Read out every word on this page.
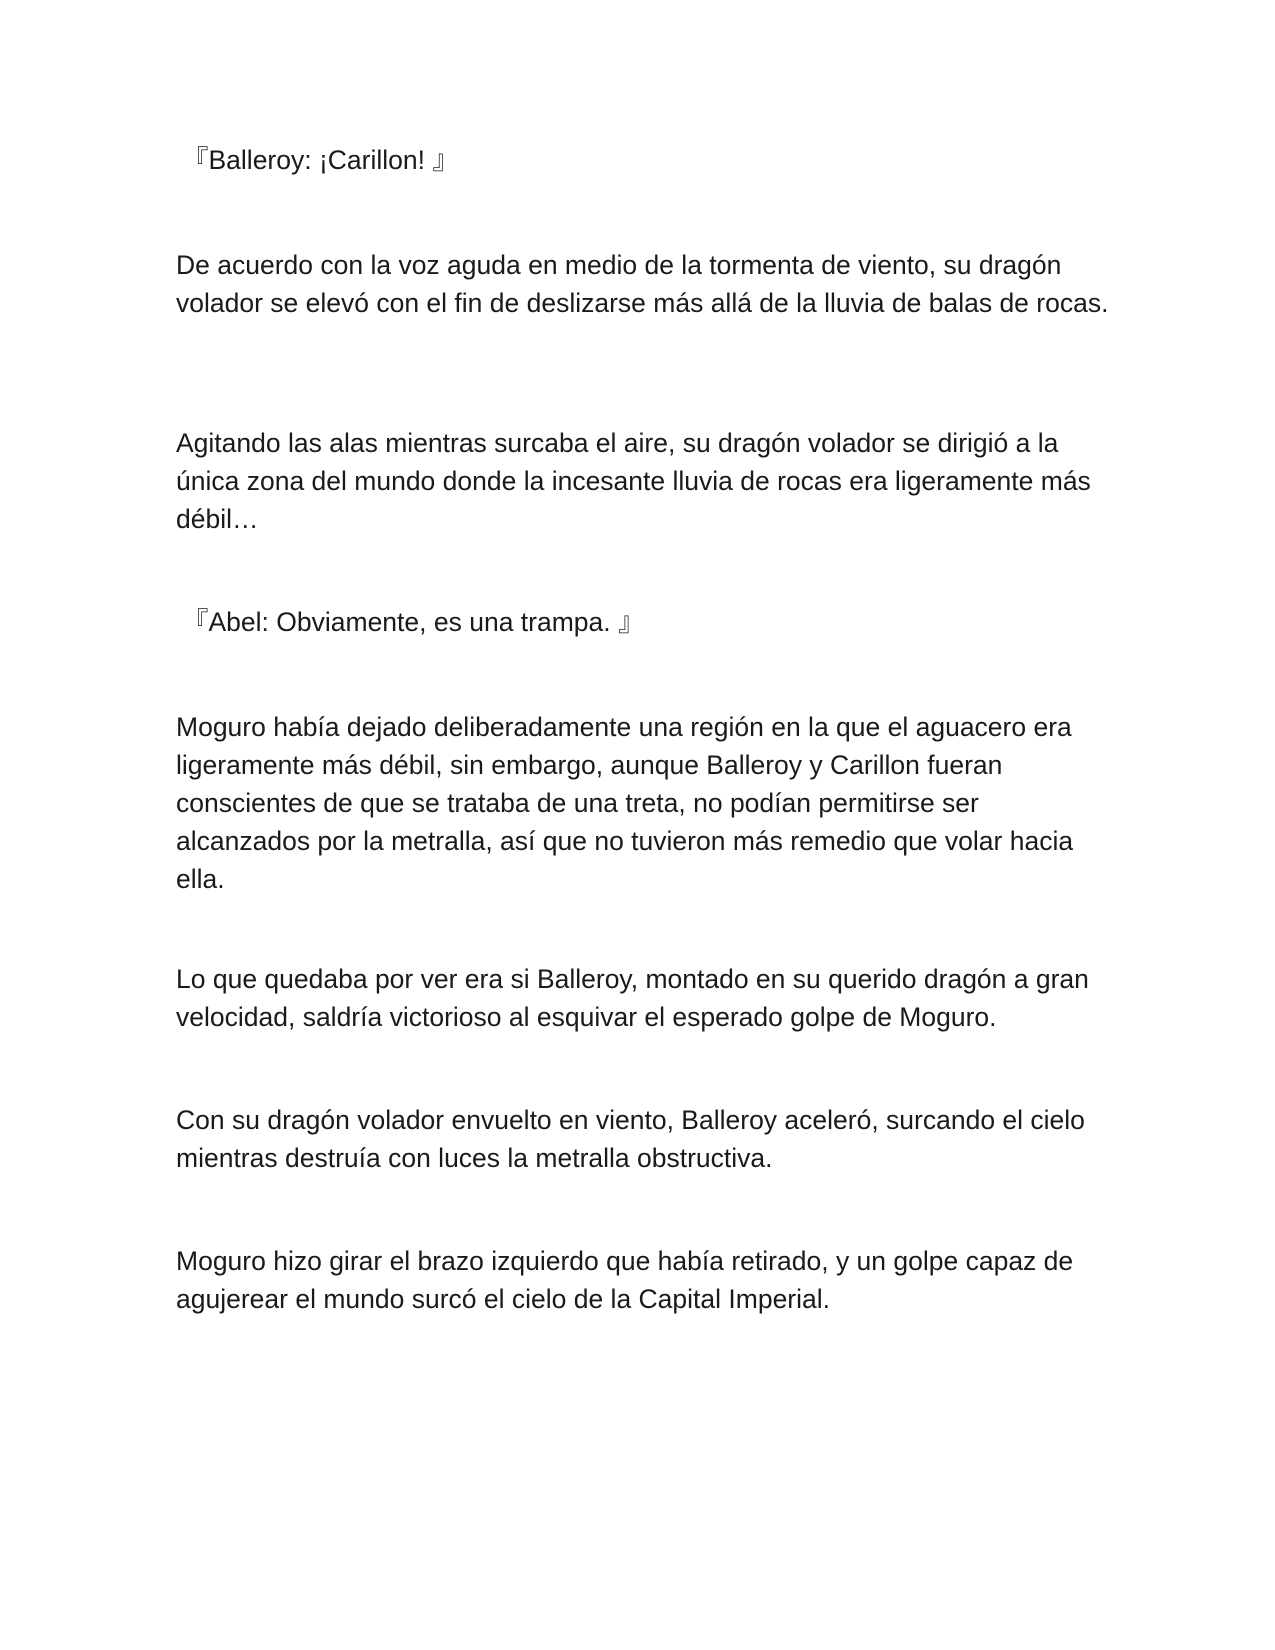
『Balleroy: ¡Carillon! 』

De acuerdo con la voz aguda en medio de la tormenta de viento, su dragón volador se elevó con el fin de deslizarse más allá de la lluvia de balas de rocas.

Agitando las alas mientras surcaba el aire, su dragón volador se dirigió a la única zona del mundo donde la incesante lluvia de rocas era ligeramente más débil…

『Abel: Obviamente, es una trampa. 』

Moguro había dejado deliberadamente una región en la que el aguacero era ligeramente más débil, sin embargo, aunque Balleroy y Carillon fueran conscientes de que se trataba de una treta, no podían permitirse ser alcanzados por la metralla, así que no tuvieron más remedio que volar hacia ella.

Lo que quedaba por ver era si Balleroy, montado en su querido dragón a gran velocidad, saldría victorioso al esquivar el esperado golpe de Moguro.

Con su dragón volador envuelto en viento, Balleroy aceleró, surcando el cielo mientras destruía con luces la metralla obstructiva.

Moguro hizo girar el brazo izquierdo que había retirado, y un golpe capaz de agujerear el mundo surcó el cielo de la Capital Imperial.
